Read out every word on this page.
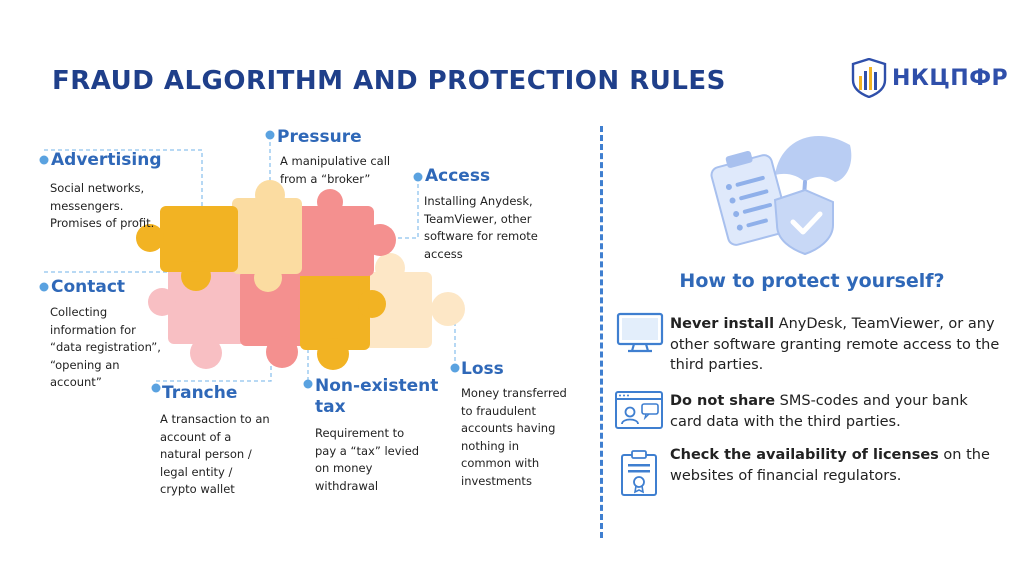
FRAUD ALGORITHM AND PROTECTION RULES	НКЦПФР
Advertising
Social networks,
messengers.
Promises of profit.
Pressure
A manipulative call
from a “broker”	Access
Installing Anydesk,
TeamViewer, other
software for remote
access
Contact
Collecting
information for
“data registration”,
“opening an
account”
Tranche
A transaction to an
account of a
natural person /
legal entity /
crypto wallet
Non-existent
tax
Requirement to
pay a “tax” levied
on money
withdrawal
Loss
Money transferred
to fraudulent
accounts having
nothing in
common with
investments
How to protect yourself?
Never install AnyDesk, TeamViewer, or any other software granting remote access to the third parties.
Do not share SMS-codes and your bank card data with the third parties.
Check the availability of licenses on the websites of financial regulators.
